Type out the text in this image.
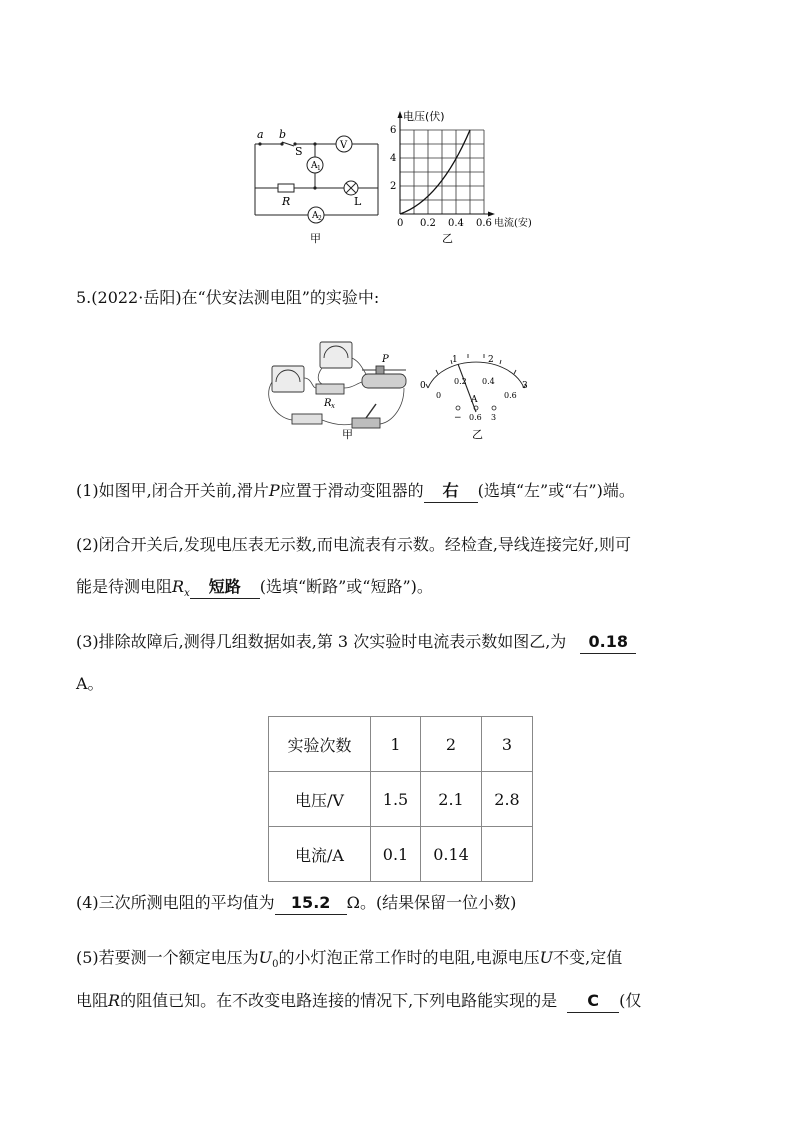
a b
S	V
A 1
A 2
R	L
甲
电压(伏)
2
4
6
0 0.2 0.4 0.6 电流(安)
乙
5.(2022·岳阳)在“伏安法测电阻”的实验中:
P
R x
甲
0
1	2
3
0
0.2 0.4
0.6
A
− 0.6 3
乙
(1)如图甲,闭合开关前,滑片P应置于滑动变阻器的 右 (选填“左”或“右”)端。
(2)闭合开关后,发现电压表无示数,而电流表有示数。经检查,导线连接完好,则可
能是待测电阻$R_x$ 短路 (选填“断路”或“短路”)。
(3)排除故障后,测得几组数据如表,第 3 次实验时电流表示数如图乙,为 0.18
A。
实验次数	1	2	3
电压/V	1.5	2.1	2.8
电流/A	0.1	0.14	
(4)三次所测电阻的平均值为 15.2 Ω。(结果保留一位小数)
(5)若要测一个额定电压为$U_0$的小灯泡正常工作时的电阻,电源电压U不变,定值
电阻R的阻值已知。在不改变电路连接的情况下,下列电路能实现的是 C (仅
